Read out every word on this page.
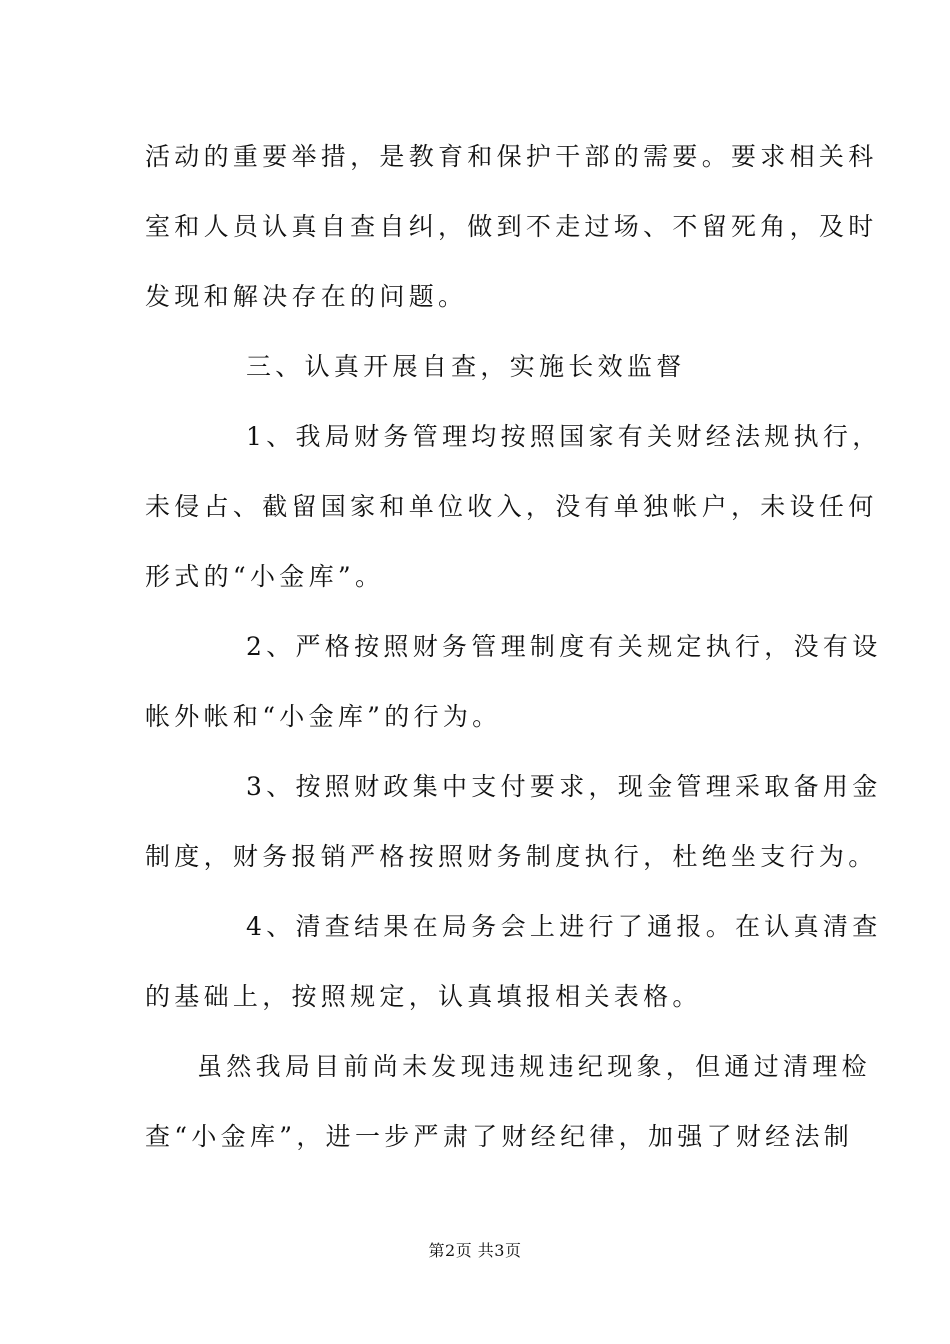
活动的重要举措，是教育和保护干部的需要。要求相关科
室和人员认真自查自纠，做到不走过场、不留死角，及时
发现和解决存在的问题。
三、认真开展自查，实施长效监督
1、我局财务管理均按照国家有关财经法规执行，
未侵占、截留国家和单位收入，没有单独帐户，未设任何
形式的“小金库”。
2、严格按照财务管理制度有关规定执行，没有设
帐外帐和“小金库”的行为。
3、按照财政集中支付要求，现金管理采取备用金
制度，财务报销严格按照财务制度执行，杜绝坐支行为。
4、清查结果在局务会上进行了通报。在认真清查
的基础上，按照规定，认真填报相关表格。
虽然我局目前尚未发现违规违纪现象，但通过清理检
查“小金库”，进一步严肃了财经纪律，加强了财经法制
第2页 共3页
